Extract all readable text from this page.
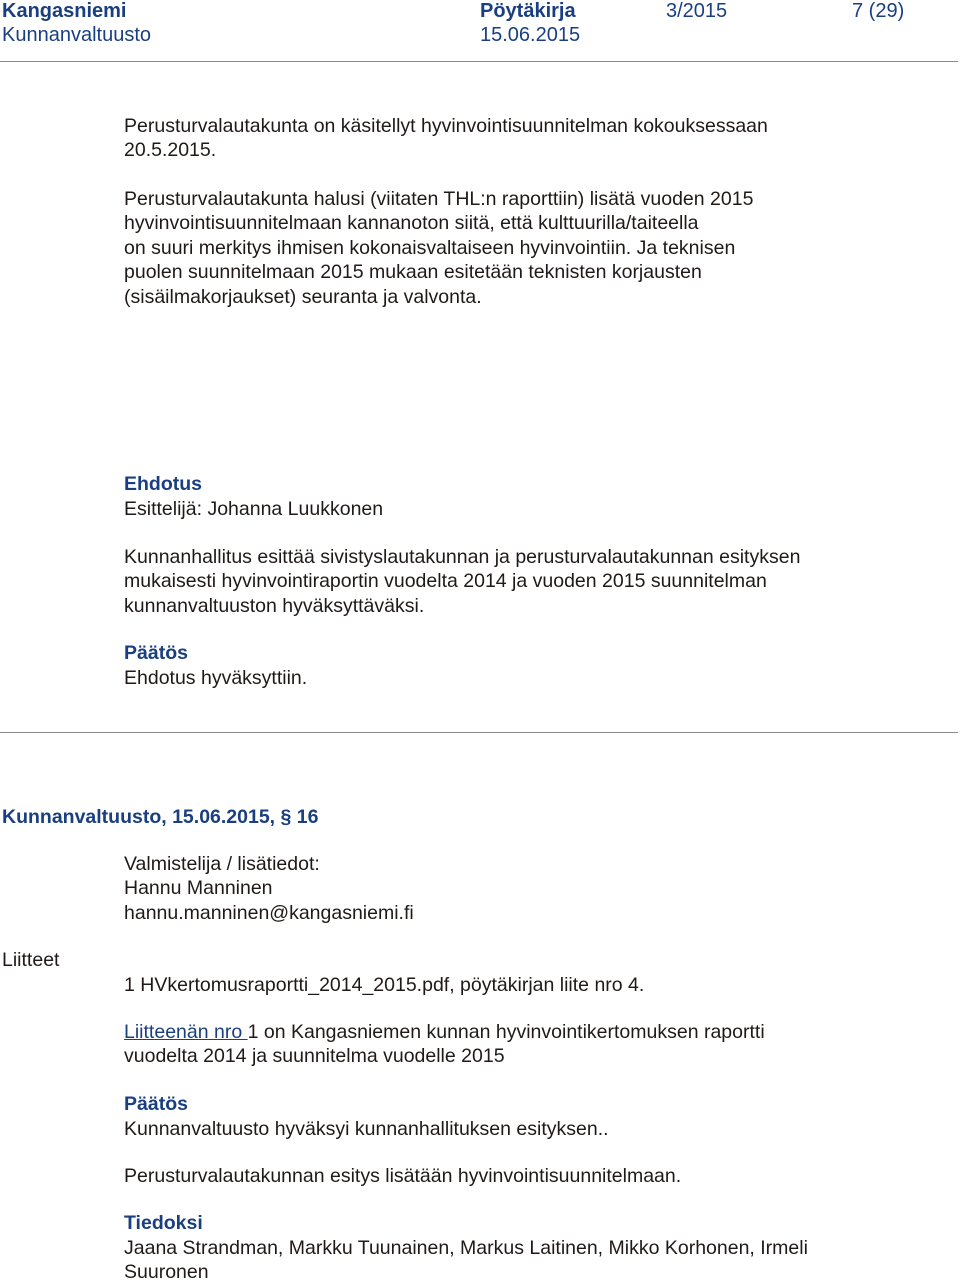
Kangasniemi
Kunnanvaltuusto
Pöytäkirja
15.06.2015
3/2015	7 (29)
Perusturvalautakunta on käsitellyt hyvinvointisuunnitelman kokouksessaan
20.5.2015.
Perusturvalautakunta halusi (viitaten THL:n raporttiin) lisätä vuoden 2015
hyvinvointisuunnitelmaan kannanoton siitä, että kulttuurilla/taiteella
on suuri merkitys ihmisen kokonaisvaltaiseen hyvinvointiin. Ja teknisen
puolen suunnitelmaan 2015 mukaan esitetään teknisten korjausten
(sisäilmakorjaukset) seuranta ja valvonta.
Ehdotus
Esittelijä: Johanna Luukkonen
Kunnanhallitus esittää sivistyslautakunnan ja perusturvalautakunnan esityksen
mukaisesti hyvinvointiraportin vuodelta 2014 ja vuoden 2015 suunnitelman
kunnanvaltuuston hyväksyttäväksi.
Päätös
Ehdotus hyväksyttiin.
Kunnanvaltuusto, 15.06.2015, § 16
Valmistelija / lisätiedot:
Hannu Manninen
hannu.manninen@kangasniemi.fi
Liitteet
1 HVkertomusraportti_2014_2015.pdf, pöytäkirjan liite nro 4.
Liitteenän nro 1 on Kangasniemen kunnan hyvinvointikertomuksen raportti
vuodelta 2014 ja suunnitelma vuodelle 2015
Päätös
Kunnanvaltuusto hyväksyi kunnanhallituksen esityksen..
Perusturvalautakunnan esitys lisätään hyvinvointisuunnitelmaan.
Tiedoksi
Jaana Strandman, Markku Tuunainen, Markus Laitinen, Mikko Korhonen, Irmeli
Suuronen
